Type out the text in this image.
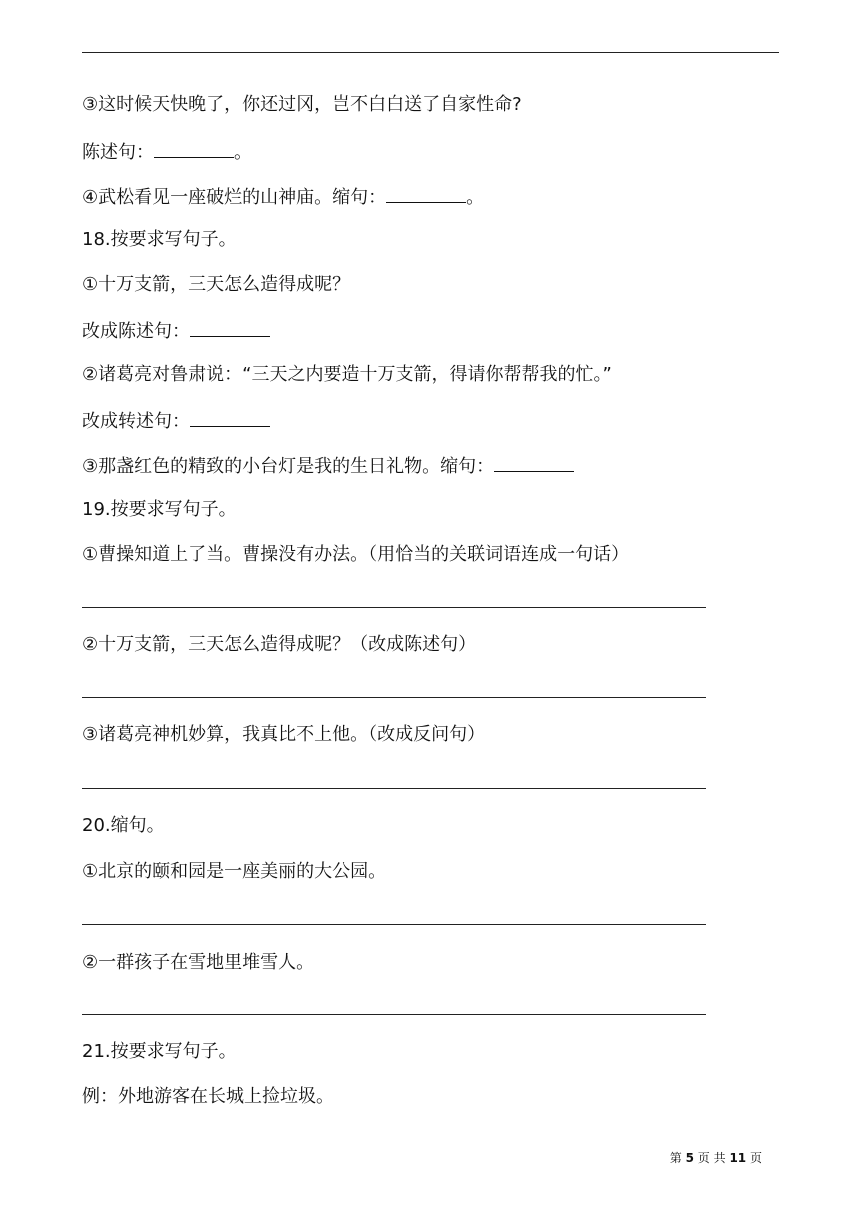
③这时候天快晚了，你还过冈，岂不白白送了自家性命?
陈述句：	。
④武松看见一座破烂的山神庙。缩句：	。
18.按要求写句子。
①十万支箭，三天怎么造得成呢？
改成陈述句：
②诸葛亮对鲁肃说：“三天之内要造十万支箭，得请你帮帮我的忙。”
改成转述句：
③那盏红色的精致的小台灯是我的生日礼物。缩句：
19.按要求写句子。
①曹操知道上了当。曹操没有办法。（用恰当的关联词语连成一句话）
②十万支箭，三天怎么造得成呢？（改成陈述句）
③诸葛亮神机妙算，我真比不上他。（改成反问句）
20.缩句。
①北京的颐和园是一座美丽的大公园。
②一群孩子在雪地里堆雪人。
21.按要求写句子。
例：外地游客在长城上捡垃圾。
第 5 页 共 11 页
